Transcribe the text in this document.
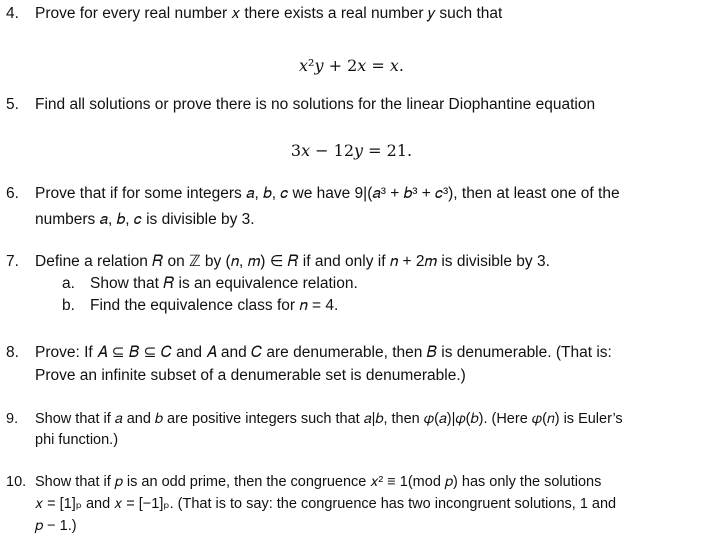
4. Prove for every real number 𝑥 there exists a real number 𝑦 such that
𝑥²𝑦 + 2𝑥 = 𝑥.
5. Find all solutions or prove there is no solutions for the linear Diophantine equation
3𝑥 − 12𝑦 = 21.
6. Prove that if for some integers 𝑎, 𝑏, 𝑐 we have 9|(𝑎³ + 𝑏³ + 𝑐³), then at least one of the
numbers 𝑎, 𝑏, 𝑐 is divisible by 3.
7. Define a relation 𝑅 on ℤ by (𝑛, 𝑚) ∈ 𝑅 if and only if 𝑛 + 2𝑚 is divisible by 3.
a. Show that 𝑅 is an equivalence relation.
b. Find the equivalence class for 𝑛 = 4.
8. Prove: If 𝐴 ⊆ 𝐵 ⊆ 𝐶 and 𝐴 and 𝐶 are denumerable, then 𝐵 is denumerable. (That is:
Prove an infinite subset of a denumerable set is denumerable.)
9. Show that if 𝑎 and 𝑏 are positive integers such that 𝑎|𝑏, then 𝜑(𝑎)|𝜑(𝑏). (Here 𝜑(𝑛) is Euler’s
phi function.)
10. Show that if 𝑝 is an odd prime, then the congruence 𝑥² ≡ 1(mod 𝑝) has only the solutions
𝑥 = [1]ₚ and 𝑥 = [−1]ₚ. (That is to say: the congruence has two incongruent solutions, 1 and
𝑝 − 1.)
